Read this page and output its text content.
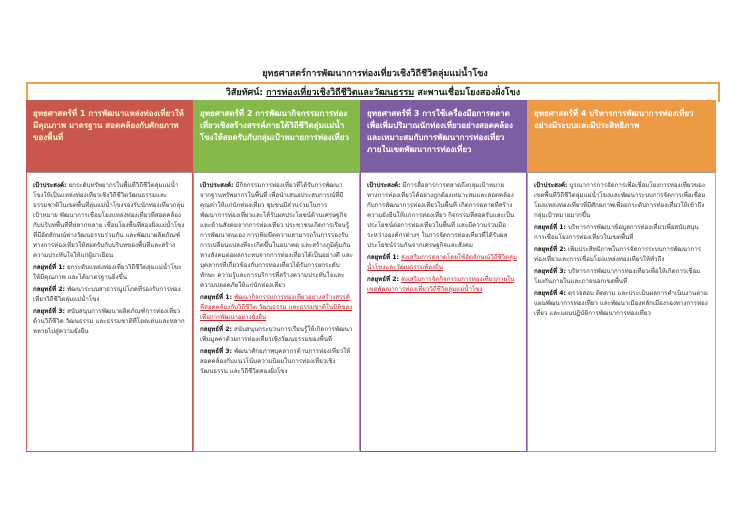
ยุทธศาสตร์การพัฒนาการท่องเที่ยวเชิงวิถีชีวิตลุ่มแม่น้ำโขง
วิสัยทัศน์: การท่องเที่ยวเชิงวิถีชีวิตและวัฒนธรรม สะพานเชื่อมโยงสองฝั่งโขง
ยุทธศาสตร์ที่ 1 การพัฒนาแหล่งท่องเที่ยวให้มีคุณภาพ มาตรฐาน สอดคล้องกับศักยภาพของพื้นที่

เป้าประสงค์: ยกระดับทรัพยากรในพื้นที่วิถีชีวิตลุ่มแม่น้ำโขงให้เป็นแหล่งท่องเที่ยวเชิงวิถีชีวิตวัฒนธรรมและธรรมชาติในเขตพื้นที่ลุ่มแม่น้ำโขงรองรับนักท่องเที่ยวกลุ่มเป้าหมาย พัฒนาการเชื่อมโยงแหล่งท่องเที่ยวที่สอดคล้องกับบริบทพื้นที่ที่หลากหลาย เชื่อมโยงพื้นที่สองฝั่งแม่น้ำโขงที่มีอัตลักษณ์ทางวัฒนธรรมร่วมกัน และพัฒนาผลิตภัณฑ์ทางการท่องเที่ยวให้สอดรับกับบริบทของพื้นที่และสร้างความประทับใจให้แก่ผู้มาเยือน

กลยุทธ์ที่ 1: ยกระดับแหล่งท่องเที่ยววิถีชีวิตลุ่มแม่น้ำโขงให้มีคุณภาพ และได้มาตรฐานยิ่งขึ้น

กลยุทธ์ที่ 2: พัฒนาระบบสาธารณูปโภคที่รองรับการท่องเที่ยววิถีชีวิตลุ่มแม่น้ำโขง

กลยุทธ์ที่ 3: สนับสนุนการพัฒนาผลิตภัณฑ์การท่องเที่ยวด้านวิถีชีวิต วัฒนธรรม และธรรมชาติที่โดดเด่นและหลากหลายไปสู่ความยั่งยืน

ยุทธศาสตร์ที่ 2 การพัฒนากิจกรรมการท่องเที่ยวเชิงสร้างสรรค์ภายใต้วิถีชีวิตลุ่มแม่น้ำโขงให้สอดรับกับกลุ่มเป้าหมายการท่องเที่ยว

เป้าประสงค์: มีกิจกรรมการท่องเที่ยวที่ได้รับการพัฒนาจากฐานทรัพยากรในพื้นที่ เพื่อนำเสนอประสบการณ์ที่มีคุณค่าให้แก่นักท่องเที่ยว ชุมชนมีส่วนร่วมในการพัฒนาการท่องเที่ยวและได้รับผลประโยชน์ด้านเศรษฐกิจและด้านสังคมจากการท่องเที่ยว ประชาชนเกิดการเรียนรู้ การพัฒนาตนเอง การเพิ่มขีดความสามารถในการรองรับการเปลี่ยนแปลงที่จะเกิดขึ้นในอนาคต และสร้างภูมิคุ้มกันทางสังคมต่อผลกระทบจากการท่องเที่ยวได้เป็นอย่างดี และบุคลากรที่เกี่ยวข้องกับการท่องเที่ยวได้รับการยกระดับ ทักษะ ความรู้และการบริการที่สร้างความประทับใจและความปลอดภัยให้แก่นักท่องเที่ยว

กลยุทธ์ที่ 1: พัฒนากิจกรรมการท่องเที่ยวอย่างสร้างสรรค์ที่สอดคล้องกับวิถีชีวิต วัฒนธรรม และธรรมชาติในมิติของเพื่อการพัฒนาอย่างยั่งยืน

กลยุทธ์ที่ 2: สนับสนุนกระบวนการเรียนรู้ให้เกิดการพัฒนา เพิ่มมูลค่าด้วยการท่องเที่ยวเชิงวัฒนธรรมของพื้นที่

กลยุทธ์ที่ 3: พัฒนาศักยภาพบุคลากรด้านการท่องเที่ยวให้สอดคล้องกับแนวโน้มความนิยมในการท่องเที่ยวเชิงวัฒนธรรม และวิถีชีวิตสองฝั่งโขง

ยุทธศาสตร์ที่ 3 การใช้เครื่องมือการตลาดเพื่อเพิ่มปริมาณนักท่องเที่ยวอย่างสอดคล้องและเหมาะสมกับการพัฒนาการท่องเที่ยวภายในเขตพัฒนาการท่องเที่ยว

เป้าประสงค์: มีการสื่อสารการตลาดถึงกลุ่มเป้าหมายทางการท่องเที่ยวได้อย่างถูกต้องเหมาะสมและสอดคล้องกับการพัฒนาการท่องเที่ยวในพื้นที่ เกิดการตลาดที่สร้างความยั่งยืนให้แก่การท่องเที่ยว กิจกรรมที่สอดรับและเป็นประโยชน์ต่อการท่องเที่ยวในพื้นที่ และมีความร่วมมือระหว่างองค์กรต่างๆ ในการจัดการท่องเที่ยวที่ได้รับผลประโยชน์ร่วมกันจากเศรษฐกิจและสังคม

กลยุทธ์ที่ 1: ส่งเสริมการตลาดโดยใช้อัตลักษณ์วิถีชีวิตลุ่มน้ำโขงและวัฒนธรรมท้องถิ่น

กลยุทธ์ที่ 2: ส่งเสริมการจัดกิจกรรมการท่องเที่ยวภายในเขตพัฒนาการท่องเที่ยววิถีชีวิตลุ่มแม่น้ำโขง

ยุทธศาสตร์ที่ 4 บริหารการพัฒนาการท่องเที่ยวอย่างมีระบบและมีประสิทธิภาพ

เป้าประสงค์: บูรณาการการจัดการเพื่อเชื่อมโยงการท่องเที่ยวของเขตพื้นที่วิถีชีวิตลุ่มแม่น้ำโขงและพัฒนาระบบการจัดการเพื่อเชื่อมโยงแหล่งท่องเที่ยวที่มีศักยภาพเพื่อยกระดับการท่องเที่ยวให้เข้าถึงกลุ่มเป้าหมายมากขึ้น

กลยุทธ์ที่ 1: บริหารการพัฒนาข้อมูลการท่องเที่ยวเพื่อสนับสนุนการเชื่อมโยงการท่องเที่ยวในเขตพื้นที่

กลยุทธ์ที่ 2: เพิ่มประสิทธิภาพในการจัดการระบบการพัฒนาการท่องเที่ยวและการเชื่อมโยงแหล่งท่องเที่ยวให้ทั่วถึง

กลยุทธ์ที่ 3: บริหารการพัฒนาการท่องเที่ยวเพื่อให้เกิดการเชื่อมโยงกันภายในและภายนอกเขตพื้นที่

กลยุทธ์ที่ 4: ตรวจสอบ ติดตาม และประเมินผลการดำเนินงานตามแผนพัฒนาการท่องเที่ยว และพัฒนาเมืองหลักเมืองรองทางการท่องเที่ยว และแผนปฏิบัติการพัฒนาการท่องเที่ยว
